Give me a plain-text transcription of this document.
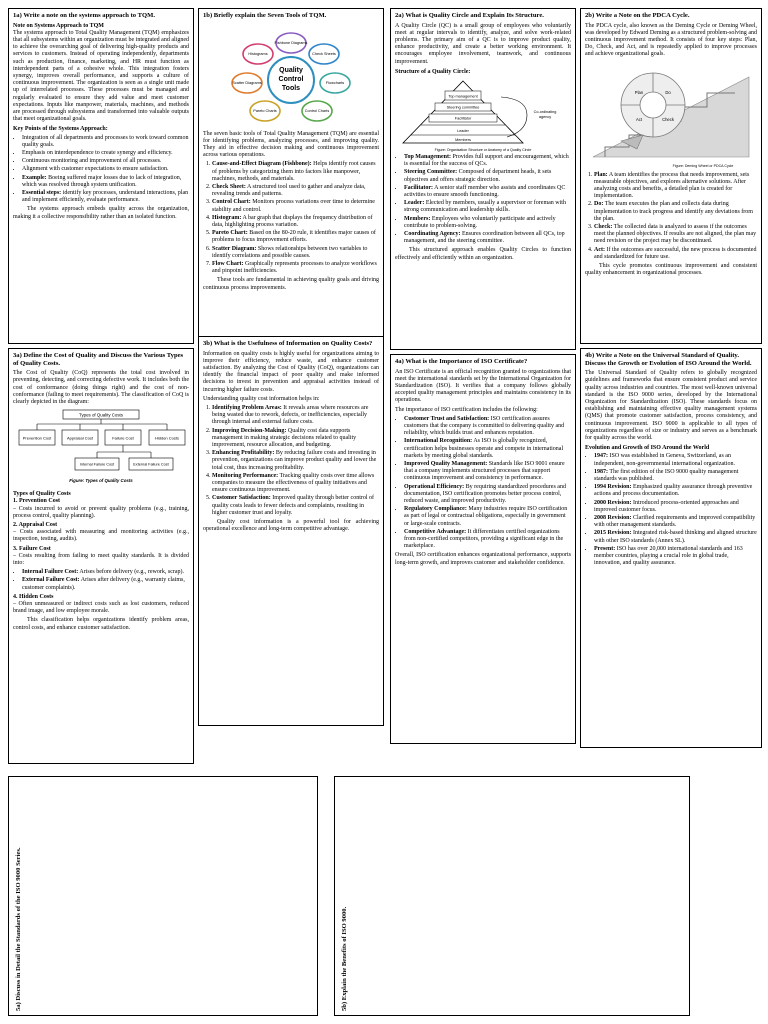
1a) Write a note on the systems approach to TQM.
Note on Systems Approach to TQM

The systems approach to Total Quality Management (TQM) emphasizes that all subsystems within an organization must be integrated and aligned to achieve the overarching goal of delivering high-quality products and services to customers. Instead of operating independently, departments such as production, finance, marketing, and HR must function as interdependent parts of a cohesive whole. This integration fosters synergy, improves overall performance, and supports a culture of continuous improvement. The organization is seen as a single unit made up of interrelated processes. These processes must be managed and regularly evaluated to ensure they add value and meet customer expectations. Inputs like manpower, materials, machines, and methods are processed through subsystems and transformed into valuable outputs that meet organizational goals.

Key Points of the Systems Approach:
• Integration of all departments and processes to work toward common quality goals.
• Emphasis on interdependence to create synergy and efficiency.
• Continuous monitoring and improvement of all processes.
• Alignment with customer expectations to ensure satisfaction.
• Example: Boeing suffered major losses due to lack of integration, which was resolved through system unification.
• Essential steps: identify key processes, understand interactions, plan and implement efficiently, evaluate performance.

The systems approach embeds quality across the organization, making it a collective responsibility rather than an isolated function.

1b) Briefly explain the Seven Tools of TQM.
Quality
Control
Tools
Fishbone Diagrams
Check Sheets
Flowcharts
Control Charts
Pareto Charts
Scatter Diagrams
Histograms

The seven basic tools of Total Quality Management (TQM) are essential for identifying problems, analyzing processes, and improving quality. They aid in effective decision making and continuous improvement across various operations.

1. Cause-and-Effect Diagram (Fishbone): Helps identify root causes of problems by categorizing them into factors like manpower, machines, methods, and materials.
2. Check Sheet: A structured tool used to gather and analyze data, revealing trends and patterns.
3. Control Chart: Monitors process variations over time to determine stability and control.
4. Histogram: A bar graph that displays the frequency distribution of data, highlighting process variation.
5. Pareto Chart: Based on the 80-20 rule, it identifies major causes of problems to focus improvement efforts.
6. Scatter Diagram: Shows relationships between two variables to identify correlations and possible causes.
7. Flow Chart: Graphically represents processes to analyze workflows and pinpoint inefficiencies.

These tools are fundamental in achieving quality goals and driving continuous process improvements.

2a) What is Quality Circle and Explain Its Structure.

A Quality Circle (QC) is a small group of employees who voluntarily meet at regular intervals to identify, analyze, and solve work-related problems. The primary aim of a QC is to improve product quality, enhance productivity, and create a better working environment. It encourages employee involvement, teamwork, and continuous improvement.

Structure of a Quality Circle:
Top management
Steering committee
Facilitator
Leader
Members
Co-ordinating
agency
Figure: Organisation Structure or Anatomy of a Quality Circle
• Top Management: Provides full support and encouragement, which is essential for the success of QCs.
• Steering Committee: Composed of department heads, it sets objectives and offers strategic direction.
• Facilitator: A senior staff member who assists and coordinates QC activities to ensure smooth functioning.
• Leader: Elected by members, usually a supervisor or foreman with strong communication and leadership skills.
• Members: Employees who voluntarily participate and actively contribute to problem-solving.
• Coordinating Agency: Ensures coordination between all QCs, top management, and the steering committee.

This structured approach enables Quality Circles to function effectively and efficiently within an organization.

2b) Write a Note on the PDCA Cycle.

The PDCA cycle, also known as the Deming Cycle or Deming Wheel, was developed by Edward Deming as a structured problem-solving and continuous improvement method. It consists of four key steps: Plan, Do, Check, and Act, and is repeatedly applied to improve processes and achieve organizational goals.

Plan	Do
Check
Act
Figure: Deming Wheel or PDCA Cycle
1. Plan: A team identifies the process that needs improvement, sets measurable objectives, and explores alternative solutions. After analyzing costs and benefits, a detailed plan is created for implementation.
2. Do: The team executes the plan and collects data during implementation to track progress and identify any deviations from the plan.
3. Check: The collected data is analyzed to assess if the outcomes meet the planned objectives. If results are not aligned, the plan may need revision or the project may be discontinued.
4. Act: If the outcomes are successful, the new process is documented and standardized for future use.

This cycle promotes continuous improvement and consistent quality enhancement in organizational processes.

3a) Define the Cost of Quality and Discuss the Various Types of Quality Costs.

The Cost of Quality (CoQ) represents the total cost involved in preventing, detecting, and correcting defective work. It includes both the cost of conformance (doing things right) and the cost of non-conformance (failing to meet requirements). The classification of CoQ is clearly depicted in the diagram:

Types of Quality Costs
Prevention Cost	Appraisal Cost	Failure Cost	Hidden Costs
Internal Failure Cost	External Failure Cost
Figure: Types of Quality Costs
Types of Quality Costs
1. Prevention Cost

– Costs incurred to avoid or prevent quality problems (e.g., training, process control, quality planning).

2. Appraisal Cost

– Costs associated with measuring and monitoring activities (e.g., inspection, testing, audits).

3. Failure Cost

– Costs resulting from failing to meet quality standards. It is divided into:

• Internal Failure Cost: Arises before delivery (e.g., rework, scrap).
• External Failure Cost: Arises after delivery (e.g., warranty claims, customer complaints).
4. Hidden Costs

– Often unmeasured or indirect costs such as lost customers, reduced brand image, and low employee morale.

This classification helps organizations identify problem areas, control costs, and enhance customer satisfaction.

3b) What is the Usefulness of Information on Quality Costs?

Information on quality costs is highly useful for organizations aiming to improve their efficiency, reduce waste, and enhance customer satisfaction. By analyzing the Cost of Quality (CoQ), organizations can identify the financial impact of poor quality and make informed decisions to invest in prevention and appraisal activities instead of incurring higher failure costs.

Understanding quality cost information helps in:

1. Identifying Problem Areas: It reveals areas where resources are being wasted due to rework, defects, or inefficiencies, especially through internal and external failure costs.
2. Improving Decision-Making: Quality cost data supports management in making strategic decisions related to quality improvement, resource allocation, and budgeting.
3. Enhancing Profitability: By reducing failure costs and investing in prevention, organizations can improve product quality and lower the total cost, thus increasing profitability.
4. Monitoring Performance: Tracking quality costs over time allows companies to measure the effectiveness of quality initiatives and ensure continuous improvement.
5. Customer Satisfaction: Improved quality through better control of quality costs leads to fewer defects and complaints, resulting in higher customer trust and loyalty.

Quality cost information is a powerful tool for achieving operational excellence and long-term competitive advantage.

4a) What is the Importance of ISO Certificate?

An ISO Certificate is an official recognition granted to organizations that meet the international standards set by the International Organization for Standardization (ISO). It verifies that a company follows globally accepted quality management principles and maintains consistency in its operations.

The importance of ISO certification includes the following:

• Customer Trust and Satisfaction: ISO certification assures customers that the company is committed to delivering quality and reliability, which builds trust and enhances reputation.
• International Recognition: As ISO is globally recognized, certification helps businesses operate and compete in international markets by meeting global standards.
• Improved Quality Management: Standards like ISO 9001 ensure that a company implements structured processes that support continuous improvement and consistency in performance.
• Operational Efficiency: By requiring standardized procedures and documentation, ISO certification promotes better process control, reduced waste, and improved productivity.
• Regulatory Compliance: Many industries require ISO certification as part of legal or contractual obligations, especially in government or large-scale contracts.
• Competitive Advantage: It differentiates certified organizations from non-certified competitors, providing a significant edge in the marketplace.

Overall, ISO certification enhances organizational performance, supports long-term growth, and improves customer and stakeholder confidence.

4b) Write a Note on the Universal Standard of Quality. Discuss the Growth or Evolution of ISO Around the World.

The Universal Standard of Quality refers to globally recognized guidelines and frameworks that ensure consistent product and service quality across industries and countries. The most well-known universal standard is the ISO 9000 series, developed by the International Organization for Standardization (ISO). These standards focus on establishing and maintaining effective quality management systems (QMS) that promote customer satisfaction, process consistency, and continuous improvement. ISO 9000 is applicable to all types of organizations regardless of size or industry and serves as a benchmark for quality across the world.

Evolution and Growth of ISO Around the World
• 1947: ISO was established in Geneva, Switzerland, as an independent, non-governmental international organization.
• 1987: The first edition of the ISO 9000 quality management standards was published.
• 1994 Revision: Emphasized quality assurance through preventive actions and process documentation.
• 2000 Revision: Introduced process-oriented approaches and improved customer focus.
• 2008 Revision: Clarified requirements and improved compatibility with other management standards.
• 2015 Revision: Integrated risk-based thinking and aligned structure with other ISO standards (Annex SL).
• Present: ISO has over 20,000 international standards and 163 member countries, playing a crucial role in global trade, innovation, and quality assurance.
5a) Discuss in Detail the Standards of the ISO 9000 Series.	5b) Explain the Benefits of ISO 9000.
